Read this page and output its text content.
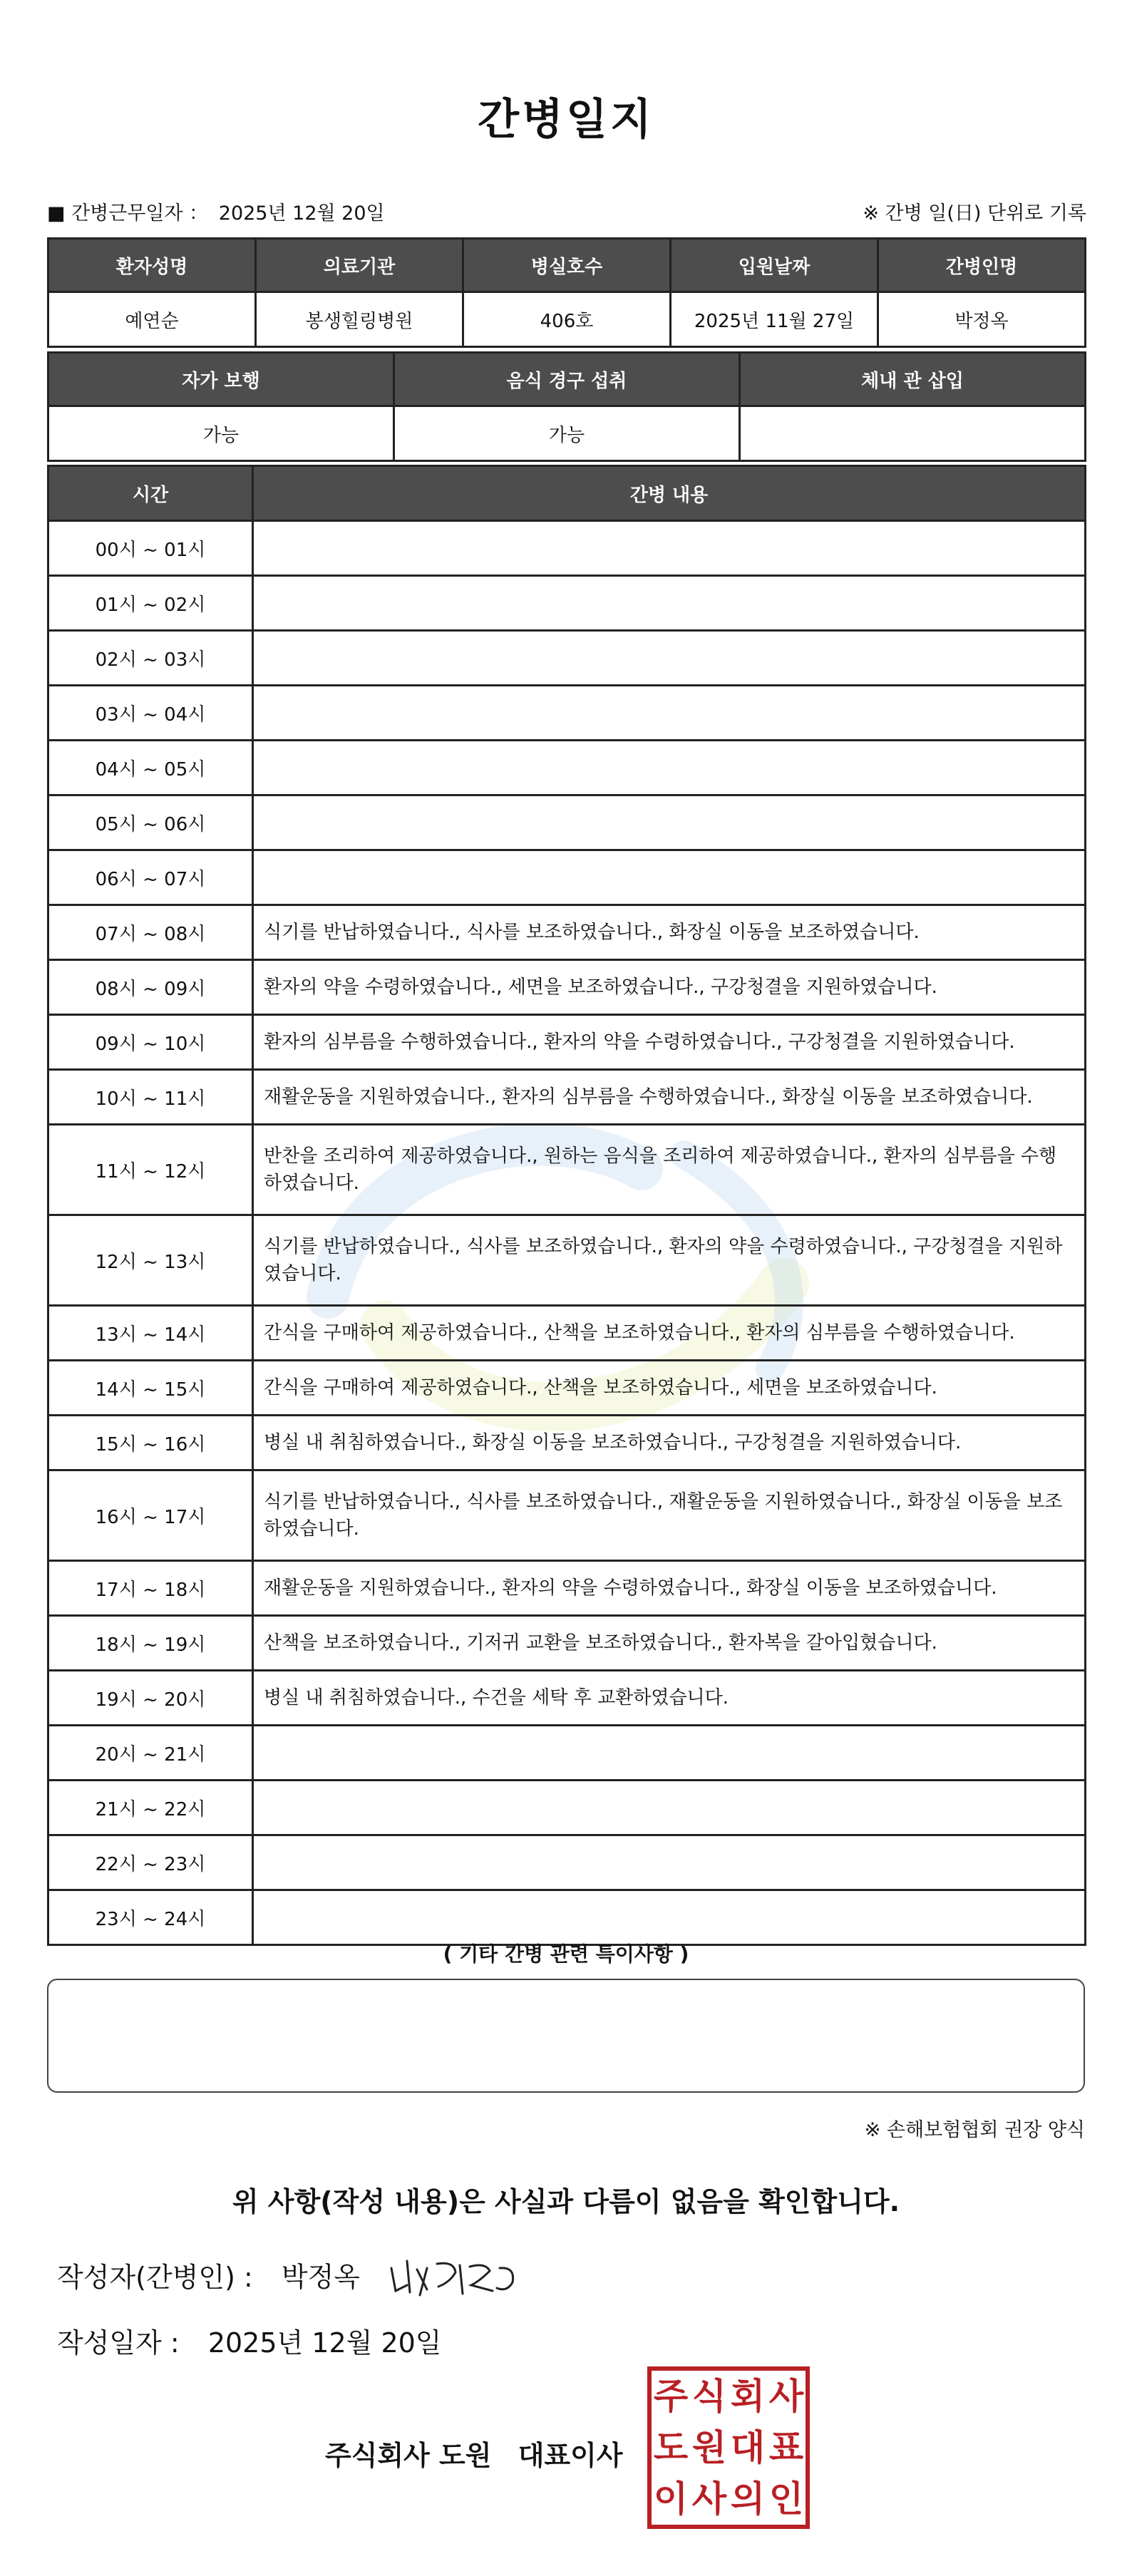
간병일지
■ 간병근무일자 ： 2025년 12월 20일	※ 간병 일(日) 단위로 기록
환자성명	의료기관	병실호수	입원날짜	간병인명
예연순	봉생힐링병원	406호	2025년 11월 27일	박정옥
자가 보행	음식 경구 섭취	체내 관 삽입
가능	가능	
시간	간병 내용
00시 ~ 01시	
01시 ~ 02시	
02시 ~ 03시	
03시 ~ 04시	
04시 ~ 05시	
05시 ~ 06시	
06시 ~ 07시	
07시 ~ 08시	식기를 반납하였습니다., 식사를 보조하였습니다., 화장실 이동을 보조하였습니다.
08시 ~ 09시	환자의 약을 수령하였습니다., 세면을 보조하였습니다., 구강청결을 지원하였습니다.
09시 ~ 10시	환자의 심부름을 수행하였습니다., 환자의 약을 수령하였습니다., 구강청결을 지원하였습니다.
10시 ~ 11시	재활운동을 지원하였습니다., 환자의 심부름을 수행하였습니다., 화장실 이동을 보조하였습니다.
11시 ~ 12시	반찬을 조리하여 제공하였습니다., 원하는 음식을 조리하여 제공하였습니다., 환자의 심부름을 수행하였습니다.
12시 ~ 13시	식기를 반납하였습니다., 식사를 보조하였습니다., 환자의 약을 수령하였습니다., 구강청결을 지원하였습니다.
13시 ~ 14시	간식을 구매하여 제공하였습니다., 산책을 보조하였습니다., 환자의 심부름을 수행하였습니다.
14시 ~ 15시	간식을 구매하여 제공하였습니다., 산책을 보조하였습니다., 세면을 보조하였습니다.
15시 ~ 16시	병실 내 취침하였습니다., 화장실 이동을 보조하였습니다., 구강청결을 지원하였습니다.
16시 ~ 17시	식기를 반납하였습니다., 식사를 보조하였습니다., 재활운동을 지원하였습니다., 화장실 이동을 보조하였습니다.
17시 ~ 18시	재활운동을 지원하였습니다., 환자의 약을 수령하였습니다., 화장실 이동을 보조하였습니다.
18시 ~ 19시	산책을 보조하였습니다., 기저귀 교환을 보조하였습니다., 환자복을 갈아입혔습니다.
19시 ~ 20시	병실 내 취침하였습니다., 수건을 세탁 후 교환하였습니다.
20시 ~ 21시	
21시 ~ 22시	
22시 ~ 23시	
23시 ~ 24시	
( 기타 간병 관련 특이사항 )
※ 손해보험협회 권장 양식
위 사항(작성 내용)은 사실과 다름이 없음을 확인합니다.
작성자(간병인) : 박정옥
작성일자 : 2025년 12월 20일
주식회사 도원 대표이사
주 식 회 사
도 원 대 표
이 사 의 인
